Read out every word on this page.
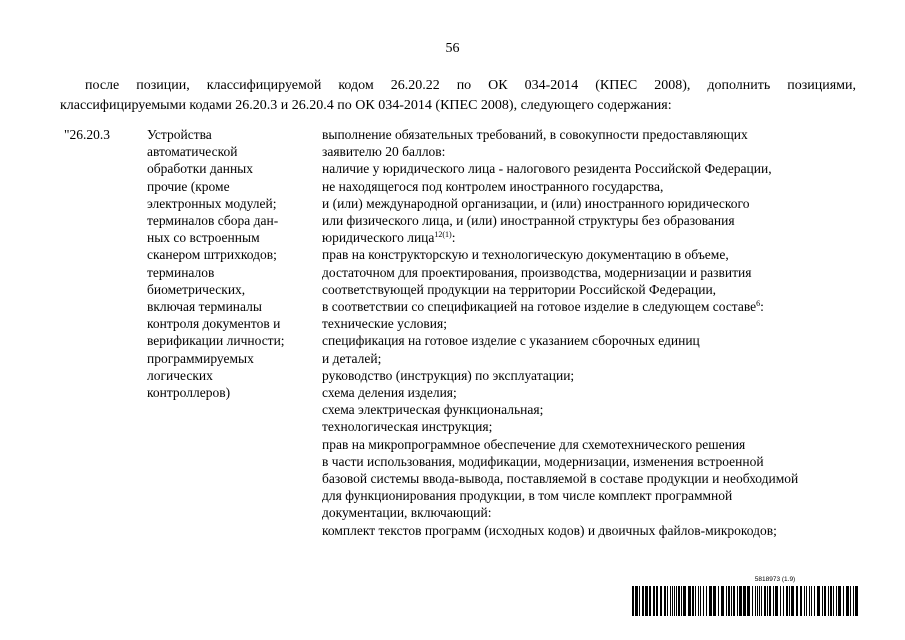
56
после позиции, классифицируемой кодом 26.20.22 по ОК 034-2014 (КПЕС 2008), дополнить позициями,
классифицируемыми кодами 26.20.3 и 26.20.4 по ОК 034-2014 (КПЕС 2008), следующего содержания:
"26.20.3	Устройства
автоматической
обработки данных
прочие (кроме
электронных модулей;
терминалов сбора дан-
ных со встроенным
сканером штрихкодов;
терминалов
биометрических,
включая терминалы
контроля документов и
верификации личности;
программируемых
логических
контроллеров)
выполнение обязательных требований, в совокупности предоставляющих
заявителю 20 баллов:
наличие у юридического лица - налогового резидента Российской Федерации,
не находящегося под контролем иностранного государства,
и (или) международной организации, и (или) иностранного юридического
или физического лица, и (или) иностранной структуры без образования
юридического лица$^{12(1)}$:
прав на конструкторскую и технологическую документацию в объеме,
достаточном для проектирования, производства, модернизации и развития
соответствующей продукции на территории Российской Федерации,
в соответствии со спецификацией на готовое изделие в следующем составе$^6$:
технические условия;
спецификация на готовое изделие с указанием сборочных единиц
и деталей;
руководство (инструкция) по эксплуатации;
схема деления изделия;
схема электрическая функциональная;
технологическая инструкция;
прав на микропрограммное обеспечение для схемотехнического решения
в части использования, модификации, модернизации, изменения встроенной
базовой системы ввода-вывода, поставляемой в составе продукции и необходимой
для функционирования продукции, в том числе комплект программной
документации, включающий:
комплект текстов программ (исходных кодов) и двоичных файлов-микрокодов;
5818973 (1.9)
